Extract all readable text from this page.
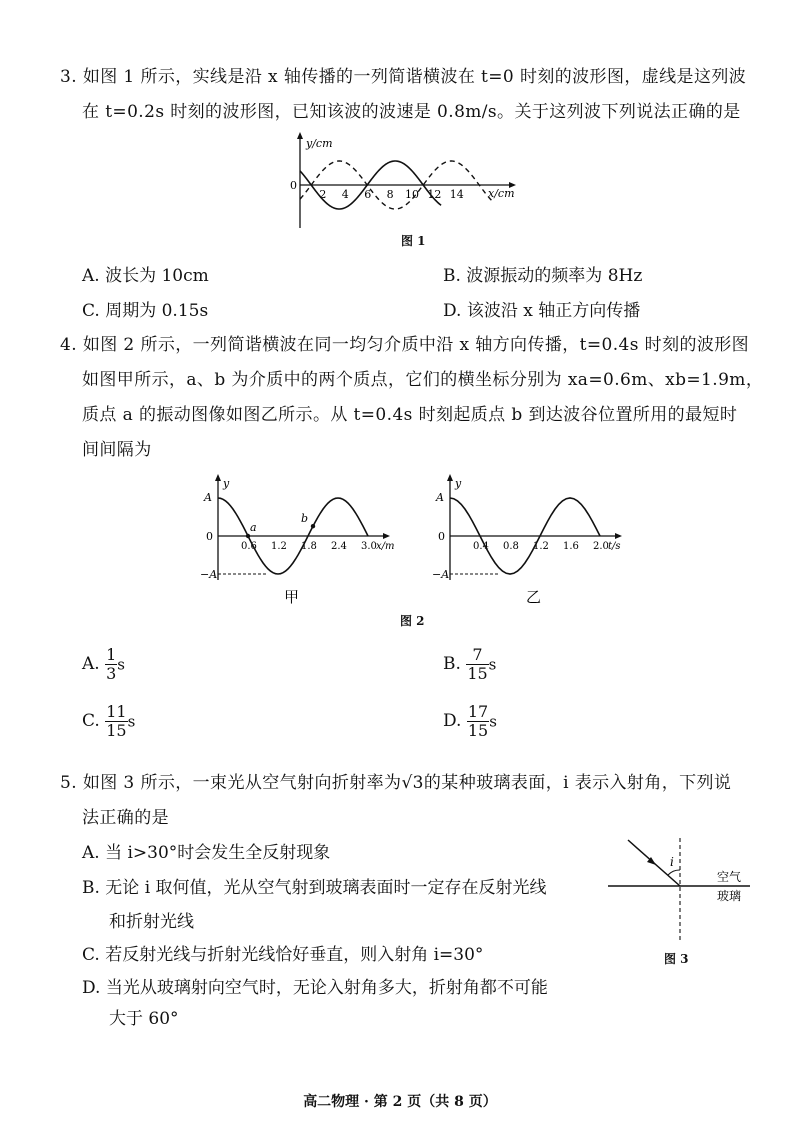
3. 如图 1 所示，实线是沿 x 轴传播的一列简谐横波在 t=0 时刻的波形图，虚线是这列波
在 t=0.2s 时刻的波形图，已知该波的波速是 0.8m/s。关于这列波下列说法正确的是
y/cm
x/cm
0
2 4 6 8 10 12 14
图 1
A. 波长为 10cm	B. 波源振动的频率为 8Hz
C. 周期为 0.15s	D. 该波沿 x 轴正方向传播
4. 如图 2 所示，一列简谐横波在同一均匀介质中沿 x 轴方向传播，t=0.4s 时刻的波形图
如图甲所示，a、b 为介质中的两个质点，它们的横坐标分别为 xa=0.6m、xb=1.9m，
质点 a 的振动图像如图乙所示。从 t=0.4s 时刻起质点 b 到达波谷位置所用的最短时
间间隔为
y
A
−A
0
x/m
0.6 1.2 1.8 2.4 3.0
a
b
甲
y
A
−A
0
t/s
0.4 0.8 1.2 1.6 2.0
乙
图 2
A. $\frac{1}{3}$ s	B. $\frac{7}{15}$ s
C. $\frac{11}{15}$ s	D. $\frac{17}{15}$ s
5. 如图 3 所示，一束光从空气射向折射率为√3的某种玻璃表面，i 表示入射角，下列说
法正确的是
A. 当 i>30°时会发生全反射现象
B. 无论 i 取何值，光从空气射到玻璃表面时一定存在反射光线
和折射光线
C. 若反射光线与折射光线恰好垂直，则入射角 i=30°
D. 当光从玻璃射向空气时，无论入射角多大，折射角都不可能
大于 60°
i
空气
玻璃
图 3
高二物理 · 第 2 页（共 8 页）
